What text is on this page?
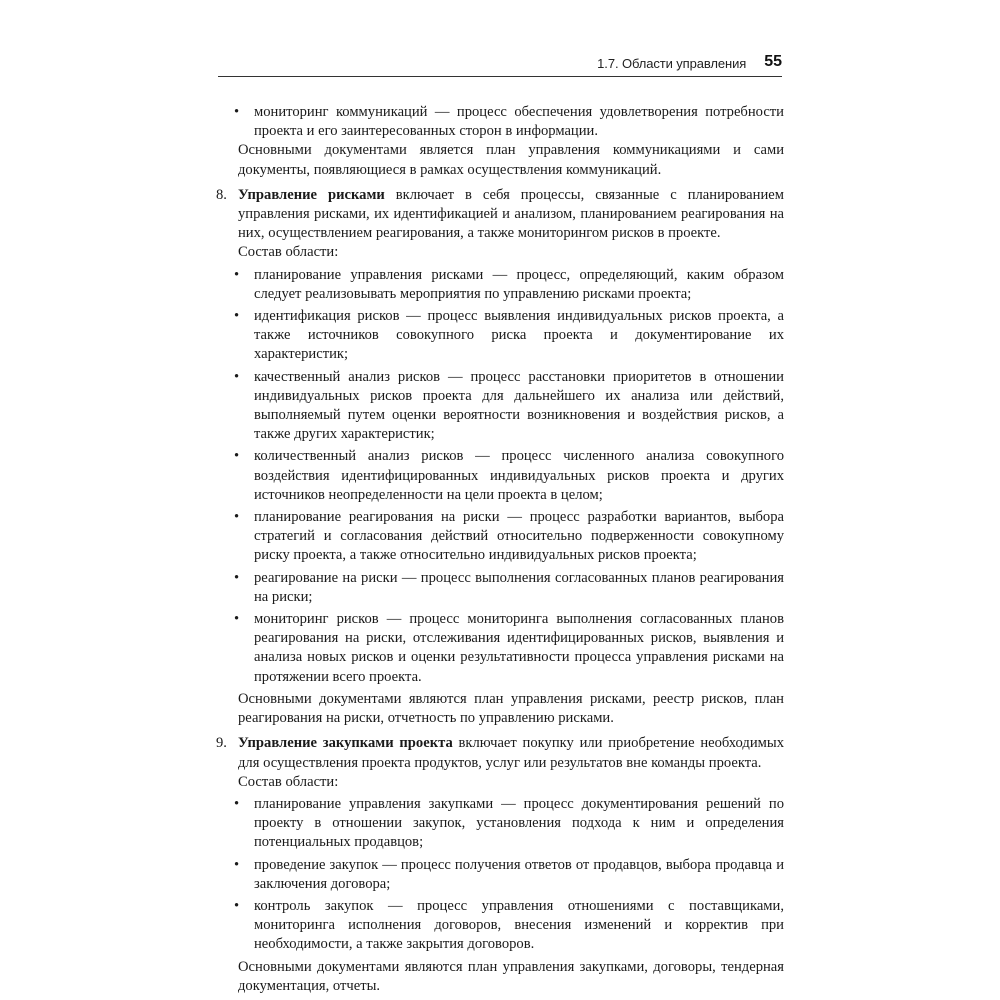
1.7. Области управления 55
•	мониторинг коммуникаций — процесс обеспечения удовлетворения потребности проекта и его заинтересованных сторон в информации.
Основными документами является план управления коммуникациями и сами документы, появляющиеся в рамках осуществления коммуникаций.
8. Управление рисками включает в себя процессы, связанные с планированием управления рисками, их идентификацией и анализом, планированием реагирования на них, осуществлением реагирования, а также мониторингом рисков в проекте.
Состав области:
•	планирование управления рисками — процесс, определяющий, каким образом следует реализовывать мероприятия по управлению рисками проекта;
•	идентификация рисков — процесс выявления индивидуальных рисков проекта, а также источников совокупного риска проекта и документирование их характеристик;
•	качественный анализ рисков — процесс расстановки приоритетов в отношении индивидуальных рисков проекта для дальнейшего их анализа или действий, выполняемый путем оценки вероятности возникновения и воздействия рисков, а также других характеристик;
•	количественный анализ рисков — процесс численного анализа совокупного воздействия идентифицированных индивидуальных рисков проекта и других источников неопределенности на цели проекта в целом;
•	планирование реагирования на риски — процесс разработки вариантов, выбора стратегий и согласования действий относительно подверженности совокупному риску проекта, а также относительно индивидуальных рисков проекта;
•	реагирование на риски — процесс выполнения согласованных планов реагирования на риски;
•	мониторинг рисков — процесс мониторинга выполнения согласованных планов реагирования на риски, отслеживания идентифицированных рисков, выявления и анализа новых рисков и оценки результативности процесса управления рисками на протяжении всего проекта.
Основными документами являются план управления рисками, реестр рисков, план реагирования на риски, отчетность по управлению рисками.
9. Управление закупками проекта включает покупку или приобретение необходимых для осуществления проекта продуктов, услуг или результатов вне команды проекта.
Состав области:
•	планирование управления закупками — процесс документирования решений по проекту в отношении закупок, установления подхода к ним и определения потенциальных продавцов;
•	проведение закупок — процесс получения ответов от продавцов, выбора продавца и заключения договора;
•	контроль закупок — процесс управления отношениями с поставщиками, мониторинга исполнения договоров, внесения изменений и корректив при необходимости, а также закрытия договоров.
Основными документами являются план управления закупками, договоры, тендерная документация, отчеты.
